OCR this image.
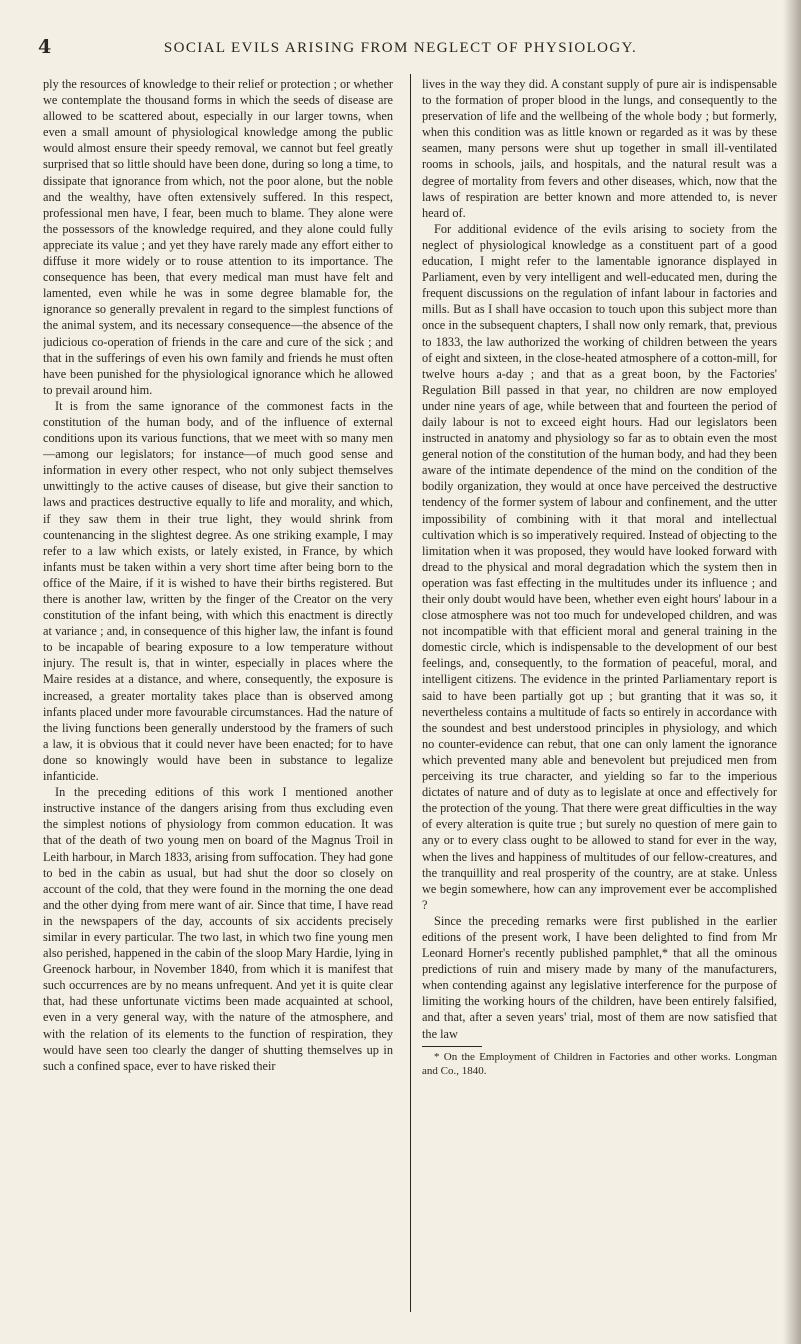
4	SOCIAL EVILS ARISING FROM NEGLECT OF PHYSIOLOGY.

ply the resources of knowledge to their relief or protection ; or whether we contemplate the thousand forms in which the seeds of disease are allowed to be scattered about, especially in our larger towns, when even a small amount of physiological knowledge among the public would almost ensure their speedy removal, we cannot but feel greatly surprised that so little should have been done, during so long a time, to dissipate that ignorance from which, not the poor alone, but the noble and the wealthy, have often extensively suffered. In this respect, professional men have, I fear, been much to blame. They alone were the possessors of the knowledge required, and they alone could fully appreciate its value ; and yet they have rarely made any effort either to diffuse it more widely or to rouse attention to its importance. The consequence has been, that every medical man must have felt and lamented, even while he was in some degree blamable for, the ignorance so generally prevalent in regard to the simplest functions of the animal system, and its necessary consequence—the absence of the judicious co-operation of friends in the care and cure of the sick ; and that in the sufferings of even his own family and friends he must often have been punished for the physiological ignorance which he allowed to prevail around him.

It is from the same ignorance of the commonest facts in the constitution of the human body, and of the influence of external conditions upon its various functions, that we meet with so many men—among our legislators; for instance—of much good sense and information in every other respect, who not only subject themselves unwittingly to the active causes of disease, but give their sanction to laws and practices destructive equally to life and morality, and which, if they saw them in their true light, they would shrink from countenancing in the slightest degree. As one striking example, I may refer to a law which exists, or lately existed, in France, by which infants must be taken within a very short time after being born to the office of the Maire, if it is wished to have their births registered. But there is another law, written by the finger of the Creator on the very constitution of the infant being, with which this enactment is directly at variance ; and, in consequence of this higher law, the infant is found to be incapable of bearing exposure to a low temperature without injury. The result is, that in winter, especially in places where the Maire resides at a distance, and where, consequently, the exposure is increased, a greater mortality takes place than is observed among infants placed under more favourable circumstances. Had the nature of the living functions been generally understood by the framers of such a law, it is obvious that it could never have been enacted; for to have done so knowingly would have been in substance to legalize infanticide.

In the preceding editions of this work I mentioned another instructive instance of the dangers arising from thus excluding even the simplest notions of physiology from common education. It was that of the death of two young men on board of the Magnus Troil in Leith harbour, in March 1833, arising from suffocation. They had gone to bed in the cabin as usual, but had shut the door so closely on account of the cold, that they were found in the morning the one dead and the other dying from mere want of air. Since that time, I have read in the newspapers of the day, accounts of six accidents precisely similar in every particular. The two last, in which two fine young men also perished, happened in the cabin of the sloop Mary Hardie, lying in Greenock harbour, in November 1840, from which it is manifest that such occurrences are by no means unfrequent. And yet it is quite clear that, had these unfortunate victims been made acquainted at school, even in a very general way, with the nature of the atmosphere, and with the relation of its elements to the function of respiration, they would have seen too clearly the danger of shutting themselves up in such a confined space, ever to have risked their

lives in the way they did. A constant supply of pure air is indispensable to the formation of proper blood in the lungs, and consequently to the preservation of life and the wellbeing of the whole body ; but formerly, when this condition was as little known or regarded as it was by these seamen, many persons were shut up together in small ill-ventilated rooms in schools, jails, and hospitals, and the natural result was a degree of mortality from fevers and other diseases, which, now that the laws of respiration are better known and more attended to, is never heard of.

For additional evidence of the evils arising to society from the neglect of physiological knowledge as a constituent part of a good education, I might refer to the lamentable ignorance displayed in Parliament, even by very intelligent and well-educated men, during the frequent discussions on the regulation of infant labour in factories and mills. But as I shall have occasion to touch upon this subject more than once in the subsequent chapters, I shall now only remark, that, previous to 1833, the law authorized the working of children between the years of eight and sixteen, in the close-heated atmosphere of a cotton-mill, for twelve hours a-day ; and that as a great boon, by the Factories' Regulation Bill passed in that year, no children are now employed under nine years of age, while between that and fourteen the period of daily labour is not to exceed eight hours. Had our legislators been instructed in anatomy and physiology so far as to obtain even the most general notion of the constitution of the human body, and had they been aware of the intimate dependence of the mind on the condition of the bodily organization, they would at once have perceived the destructive tendency of the former system of labour and confinement, and the utter impossibility of combining with it that moral and intellectual cultivation which is so imperatively required. Instead of objecting to the limitation when it was proposed, they would have looked forward with dread to the physical and moral degradation which the system then in operation was fast effecting in the multitudes under its influence ; and their only doubt would have been, whether even eight hours' labour in a close atmosphere was not too much for undeveloped children, and was not incompatible with that efficient moral and general training in the domestic circle, which is indispensable to the development of our best feelings, and, consequently, to the formation of peaceful, moral, and intelligent citizens. The evidence in the printed Parliamentary report is said to have been partially got up ; but granting that it was so, it nevertheless contains a multitude of facts so entirely in accordance with the soundest and best understood principles in physiology, and which no counter-evidence can rebut, that one can only lament the ignorance which prevented many able and benevolent but prejudiced men from perceiving its true character, and yielding so far to the imperious dictates of nature and of duty as to legislate at once and effectively for the protection of the young. That there were great difficulties in the way of every alteration is quite true ; but surely no question of mere gain to any or to every class ought to be allowed to stand for ever in the way, when the lives and happiness of multitudes of our fellow-creatures, and the tranquillity and real prosperity of the country, are at stake. Unless we begin somewhere, how can any improvement ever be accomplished ?

Since the preceding remarks were first published in the earlier editions of the present work, I have been delighted to find from Mr Leonard Horner's recently published pamphlet,* that all the ominous predictions of ruin and misery made by many of the manufacturers, when contending against any legislative interference for the purpose of limiting the working hours of the children, have been entirely falsified, and that, after a seven years' trial, most of them are now satisfied that the law

* On the Employment of Children in Factories and other works. Longman and Co., 1840.
